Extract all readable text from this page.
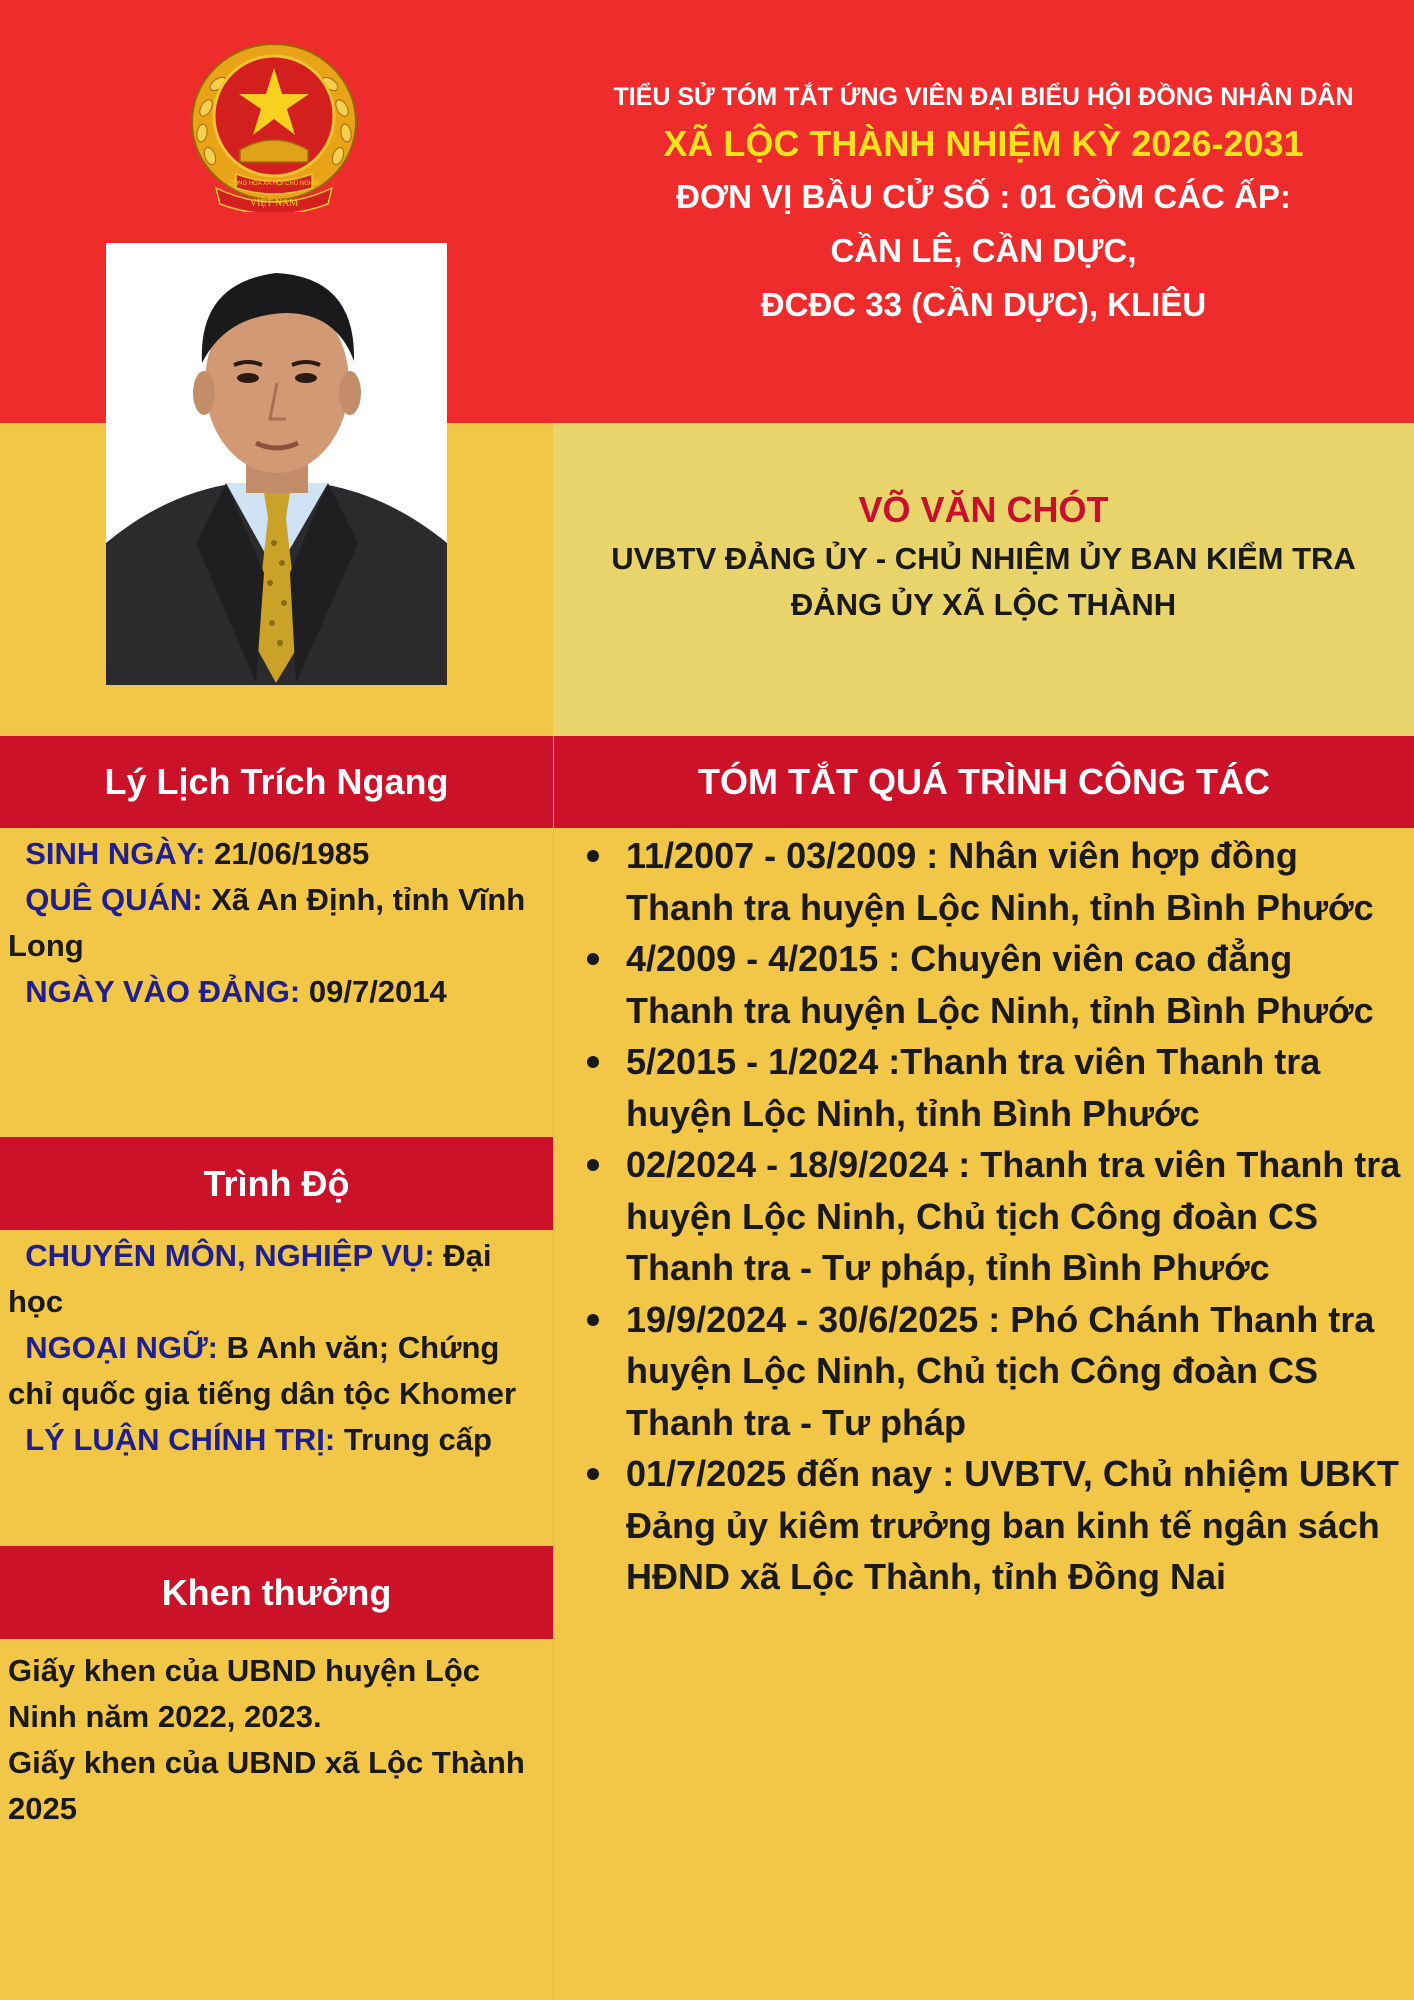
CỘNG HÒA XÃ HỘI CHỦ NGHĨA
VIỆT NAM
TIỂU SỬ TÓM TẮT ỨNG VIÊN ĐẠI BIỂU HỘI ĐỒNG NHÂN DÂN
XÃ LỘC THÀNH NHIỆM KỲ 2026-2031
ĐƠN VỊ BẦU CỬ SỐ : 01 GỒM CÁC ẤP:
CẦN LÊ, CẦN DỰC,
ĐCĐC 33 (CẦN DỰC), KLIÊU
VÕ VĂN CHÓT
UVBTV ĐẢNG ỦY - CHỦ NHIỆM ỦY BAN KIỂM TRA
ĐẢNG ỦY XÃ LỘC THÀNH
Lý Lịch Trích Ngang	TÓM TẮT QUÁ TRÌNH CÔNG TÁC
Trình Độ
Khen thưởng

SINH NGÀY: 21/06/1985

QUÊ QUÁN: Xã An Định, tỉnh Vĩnh Long

NGÀY VÀO ĐẢNG: 09/7/2014

CHUYÊN MÔN, NGHIỆP VỤ: Đại học

NGOẠI NGỮ: B Anh văn; Chứng chỉ quốc gia tiếng dân tộc Khomer

LÝ LUẬN CHÍNH TRỊ: Trung cấp

Giấy khen của UBND huyện Lộc Ninh năm 2022, 2023.

Giấy khen của UBND xã Lộc Thành 2025

11/2007 - 03/2009 : Nhân viên hợp đồng Thanh tra huyện Lộc Ninh, tỉnh Bình Phước
4/2009 - 4/2015 : Chuyên viên cao đẳng Thanh tra huyện Lộc Ninh, tỉnh Bình Phước
5/2015 - 1/2024 :Thanh tra viên Thanh tra huyện Lộc Ninh, tỉnh Bình Phước
02/2024 - 18/9/2024 : Thanh tra viên Thanh tra huyện Lộc Ninh, Chủ tịch Công đoàn CS Thanh tra - Tư pháp, tỉnh Bình Phước
19/9/2024 - 30/6/2025 : Phó Chánh Thanh tra huyện Lộc Ninh, Chủ tịch Công đoàn CS Thanh tra - Tư pháp
01/7/2025 đến nay : UVBTV, Chủ nhiệm UBKT Đảng ủy kiêm trưởng ban kinh tế ngân sách HĐND xã Lộc Thành, tỉnh Đồng Nai
